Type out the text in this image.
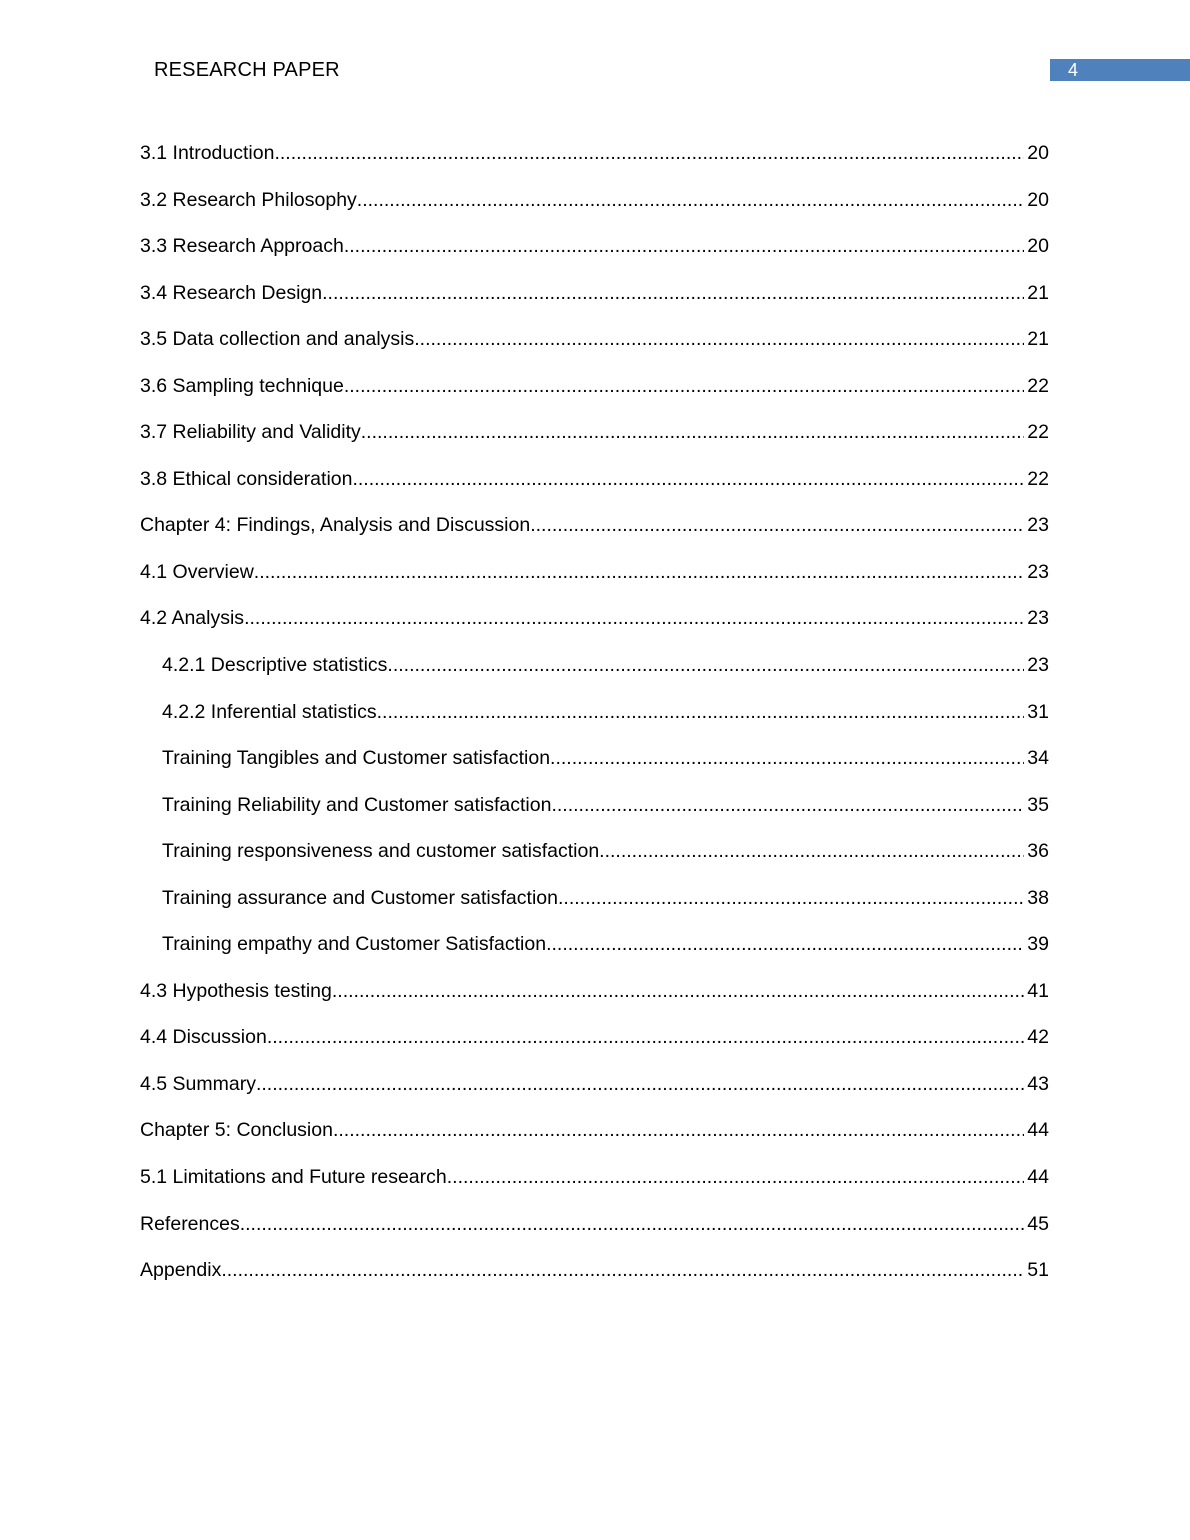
RESEARCH PAPER	4
3.1 Introduction .....	20
3.2 Research Philosophy .....	20
3.3 Research Approach .....	20
3.4 Research Design .....	21
3.5 Data collection and analysis .....	21
3.6 Sampling technique .....	22
3.7 Reliability and Validity .....	22
3.8 Ethical consideration .....	22
Chapter 4: Findings, Analysis and Discussion .....	23
4.1 Overview .....	23
4.2 Analysis .....	23
4.2.1 Descriptive statistics .....	23
4.2.2 Inferential statistics .....	31
Training Tangibles and Customer satisfaction .....	34
Training Reliability and Customer satisfaction .....	35
Training responsiveness and customer satisfaction .....	36
Training assurance and Customer satisfaction .....	38
Training empathy and Customer Satisfaction .....	39
4.3 Hypothesis testing .....	41
4.4 Discussion .....	42
4.5 Summary .....	43
Chapter 5: Conclusion .....	44
5.1 Limitations and Future research .....	44
References .....	45
Appendix .....	51
